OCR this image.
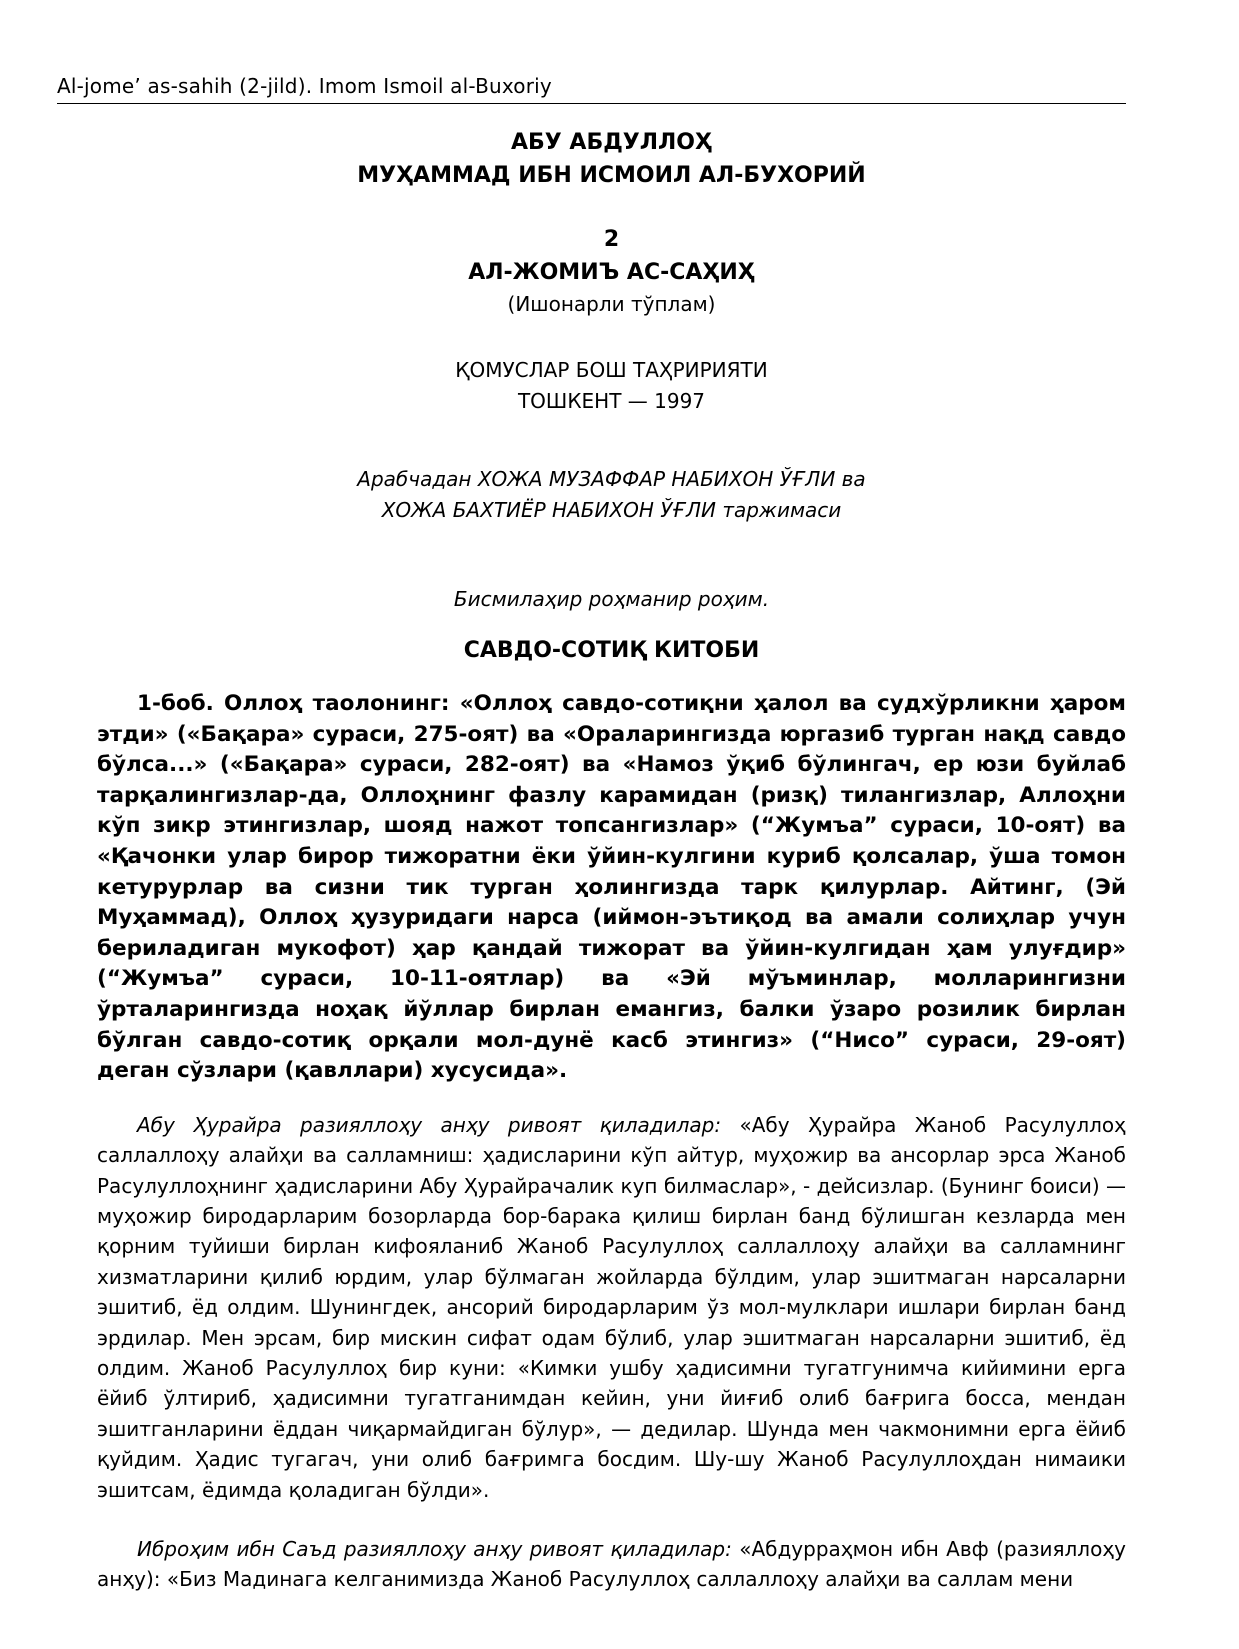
Al-jome’ as-sahih (2-jild). Imom Ismoil al-Buxoriy
АБУ АБДУЛЛОҲ
МУҲАММАД ИБН ИСМОИЛ АЛ-БУХОРИЙ
2
АЛ-ЖОМИЪ АС-САҲИҲ
(Ишонарли тўплам)
ҚОМУСЛАР БОШ ТАҲРИРИЯТИ
ТОШКЕНТ — 1997
Арабчадан ХОЖА МУЗАФФАР НАБИХОН ЎҒЛИ ва
ХОЖА БАХТИЁР НАБИХОН ЎҒЛИ таржимаси
Бисмилаҳир роҳманир роҳим.
САВДО-СОТИҚ КИТОБИ

1-боб. Оллоҳ таолонинг: «Оллоҳ савдо-сотиқни ҳалол ва судхўрликни ҳаром этди» («Бақара» сураси, 275-оят) ва «Ораларингизда юргазиб турган нақд савдо бўлса...» («Бақара» сураси, 282-оят) ва «Намоз ўқиб бўлингач, ер юзи буйлаб тарқалингизлар-да, Оллоҳнинг фазлу карамидан (ризқ) тилангизлар, Аллоҳни кўп зикр этингизлар, шояд нажот топсангизлар» (“Жумъа” сураси, 10-оят) ва «Қачонки улар бирор тижоратни ёки ўйин-кулгини куриб қолсалар, ўша томон кетурурлар ва сизни тик турган ҳолингизда тарк қилурлар. Айтинг, (Эй Муҳаммад), Оллоҳ ҳузуридаги нарса (иймон-эътиқод ва амали солиҳлар учун бериладиган мукофот) ҳар қандай тижорат ва ўйин-кулгидан ҳам улуғдир» (“Жумъа” сураси, 10-11-оятлар) ва «Эй мўъминлар, молларингизни ўрталарингизда ноҳақ йўллар бирлан емангиз, балки ўзаро розилик бирлан бўлган савдо-сотиқ орқали мол-дунё касб этингиз» (“Нисо” сураси, 29-оят) деган сўзлари (қавллари) хусусида».

Абу Ҳурайра разияллоҳу анҳу ривоят қиладилар: «Абу Ҳурайра Жаноб Расулуллоҳ саллаллоҳу алайҳи ва салламниш: ҳадисларини кўп айтур, муҳожир ва ансорлар эрса Жаноб Расулуллоҳнинг ҳадисларини Абу Ҳурайрачалик куп билмаслар», - дейсизлар. (Бунинг боиси) — муҳожир биродарларим бозорларда бор-барака қилиш бирлан банд бўлишган кезларда мен қорним туйиши бирлан кифояланиб Жаноб Расулуллоҳ саллаллоҳу алайҳи ва салламнинг хизматларини қилиб юрдим, улар бўлмаган жойларда бўлдим, улар эшитмаган нарсаларни эшитиб, ёд олдим. Шунингдек, ансорий биродарларим ўз мол-мулклари ишлари бирлан банд эрдилар. Мен эрсам, бир мискин сифат одам бўлиб, улар эшитмаган нарсаларни эшитиб, ёд олдим. Жаноб Расулуллоҳ бир куни: «Кимки ушбу ҳадисимни тугатгунимча кийимини ерга ёйиб ўлтириб, ҳадисимни тугатганимдан кейин, уни йиғиб олиб бағрига босса, мендан эшитганларини ёддан чиқармайдиган бўлур», — дедилар. Шунда мен чакмонимни ерга ёйиб қуйдим. Ҳадис тугагач, уни олиб бағримга босдим. Шу-шу Жаноб Расулуллоҳдан нимаики эшитсам, ёдимда қоладиган бўлди».

Иброҳим ибн Саъд разияллоҳу анҳу ривоят қиладилар: «Абдурраҳмон ибн Авф (разияллоҳу анҳу): «Биз Мадинага келганимизда Жаноб Расулуллоҳ саллаллоҳу алайҳи ва саллам мени
